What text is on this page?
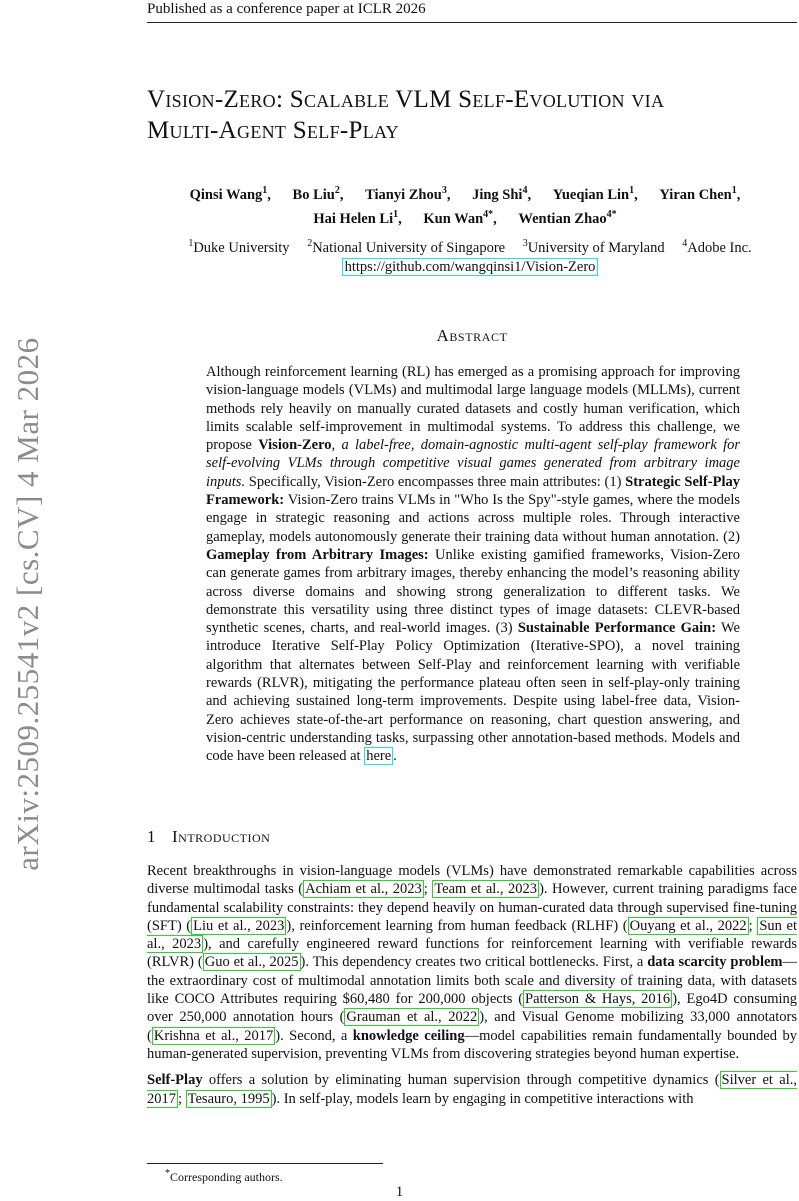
Published as a conference paper at ICLR 2026
Vision-Zero: Scalable VLM Self-Evolution via
Multi-Agent Self-Play
Qinsi Wang$^1$, Bo Liu$^2$, Tianyi Zhou$^3$, Jing Shi$^4$, Yueqian Lin$^1$, Yiran Chen$^1$,
Hai Helen Li$^1$, Kun Wan$^{4*}$, Wentian Zhao$^{4*}$
$^1$Duke University $^2$National University of Singapore $^3$University of Maryland $^4$Adobe Inc.
https://github.com/wangqinsi1/Vision-Zero
arXiv:2509.25541v2 [cs.CV] 4 Mar 2026
Abstract
Although reinforcement learning (RL) has emerged as a promising approach for improving vision-language models (VLMs) and multimodal large language models (MLLMs), current methods rely heavily on manually curated datasets and costly human verification, which limits scalable self-improvement in multimodal systems. To address this challenge, we propose Vision-Zero, a label-free, domain-agnostic multi-agent self-play framework for self-evolving VLMs through competitive visual games generated from arbitrary image inputs. Specifically, Vision-Zero encompasses three main attributes: (1) Strategic Self-Play Framework: Vision-Zero trains VLMs in "Who Is the Spy"-style games, where the models engage in strategic reasoning and actions across multiple roles. Through interactive gameplay, models autonomously generate their training data without human annotation. (2) Gameplay from Arbitrary Images: Unlike existing gamified frameworks, Vision-Zero can generate games from arbitrary images, thereby enhancing the model’s reasoning ability across diverse domains and showing strong generalization to different tasks. We demonstrate this versatility using three distinct types of image datasets: CLEVR-based synthetic scenes, charts, and real-world images. (3) Sustainable Performance Gain: We introduce Iterative Self-Play Policy Optimization (Iterative-SPO), a novel training algorithm that alternates between Self-Play and reinforcement learning with verifiable rewards (RLVR), mitigating the performance plateau often seen in self-play-only training and achieving sustained long-term improvements. Despite using label-free data, Vision-Zero achieves state-of-the-art performance on reasoning, chart question answering, and vision-centric understanding tasks, surpassing other annotation-based methods. Models and code have been released at here .
1 Introduction

Recent breakthroughs in vision-language models (VLMs) have demonstrated remarkable capabilities across diverse multimodal tasks ( Achiam et al., 2023 ; Team et al., 2023 ). However, current training paradigms face fundamental scalability constraints: they depend heavily on human-curated data through supervised fine-tuning (SFT) ( Liu et al., 2023 ), reinforcement learning from human feedback (RLHF) ( Ouyang et al., 2022 ; Sun et al., 2023 ), and carefully engineered reward functions for reinforcement learning with verifiable rewards (RLVR) ( Guo et al., 2025 ). This dependency creates two critical bottlenecks. First, a data scarcity problem—the extraordinary cost of multimodal annotation limits both scale and diversity of training data, with datasets like COCO Attributes requiring $60,480 for 200,000 objects ( Patterson & Hays, 2016 ), Ego4D consuming over 250,000 annotation hours ( Grauman et al., 2022 ), and Visual Genome mobilizing 33,000 annotators ( Krishna et al., 2017 ). Second, a knowledge ceiling—model capabilities remain fundamentally bounded by human-generated supervision, preventing VLMs from discovering strategies beyond human expertise.

Self-Play offers a solution by eliminating human supervision through competitive dynamics ( Silver et al., 2017 ; Tesauro, 1995 ). In self-play, models learn by engaging in competitive interactions with

*Corresponding authors.
1
